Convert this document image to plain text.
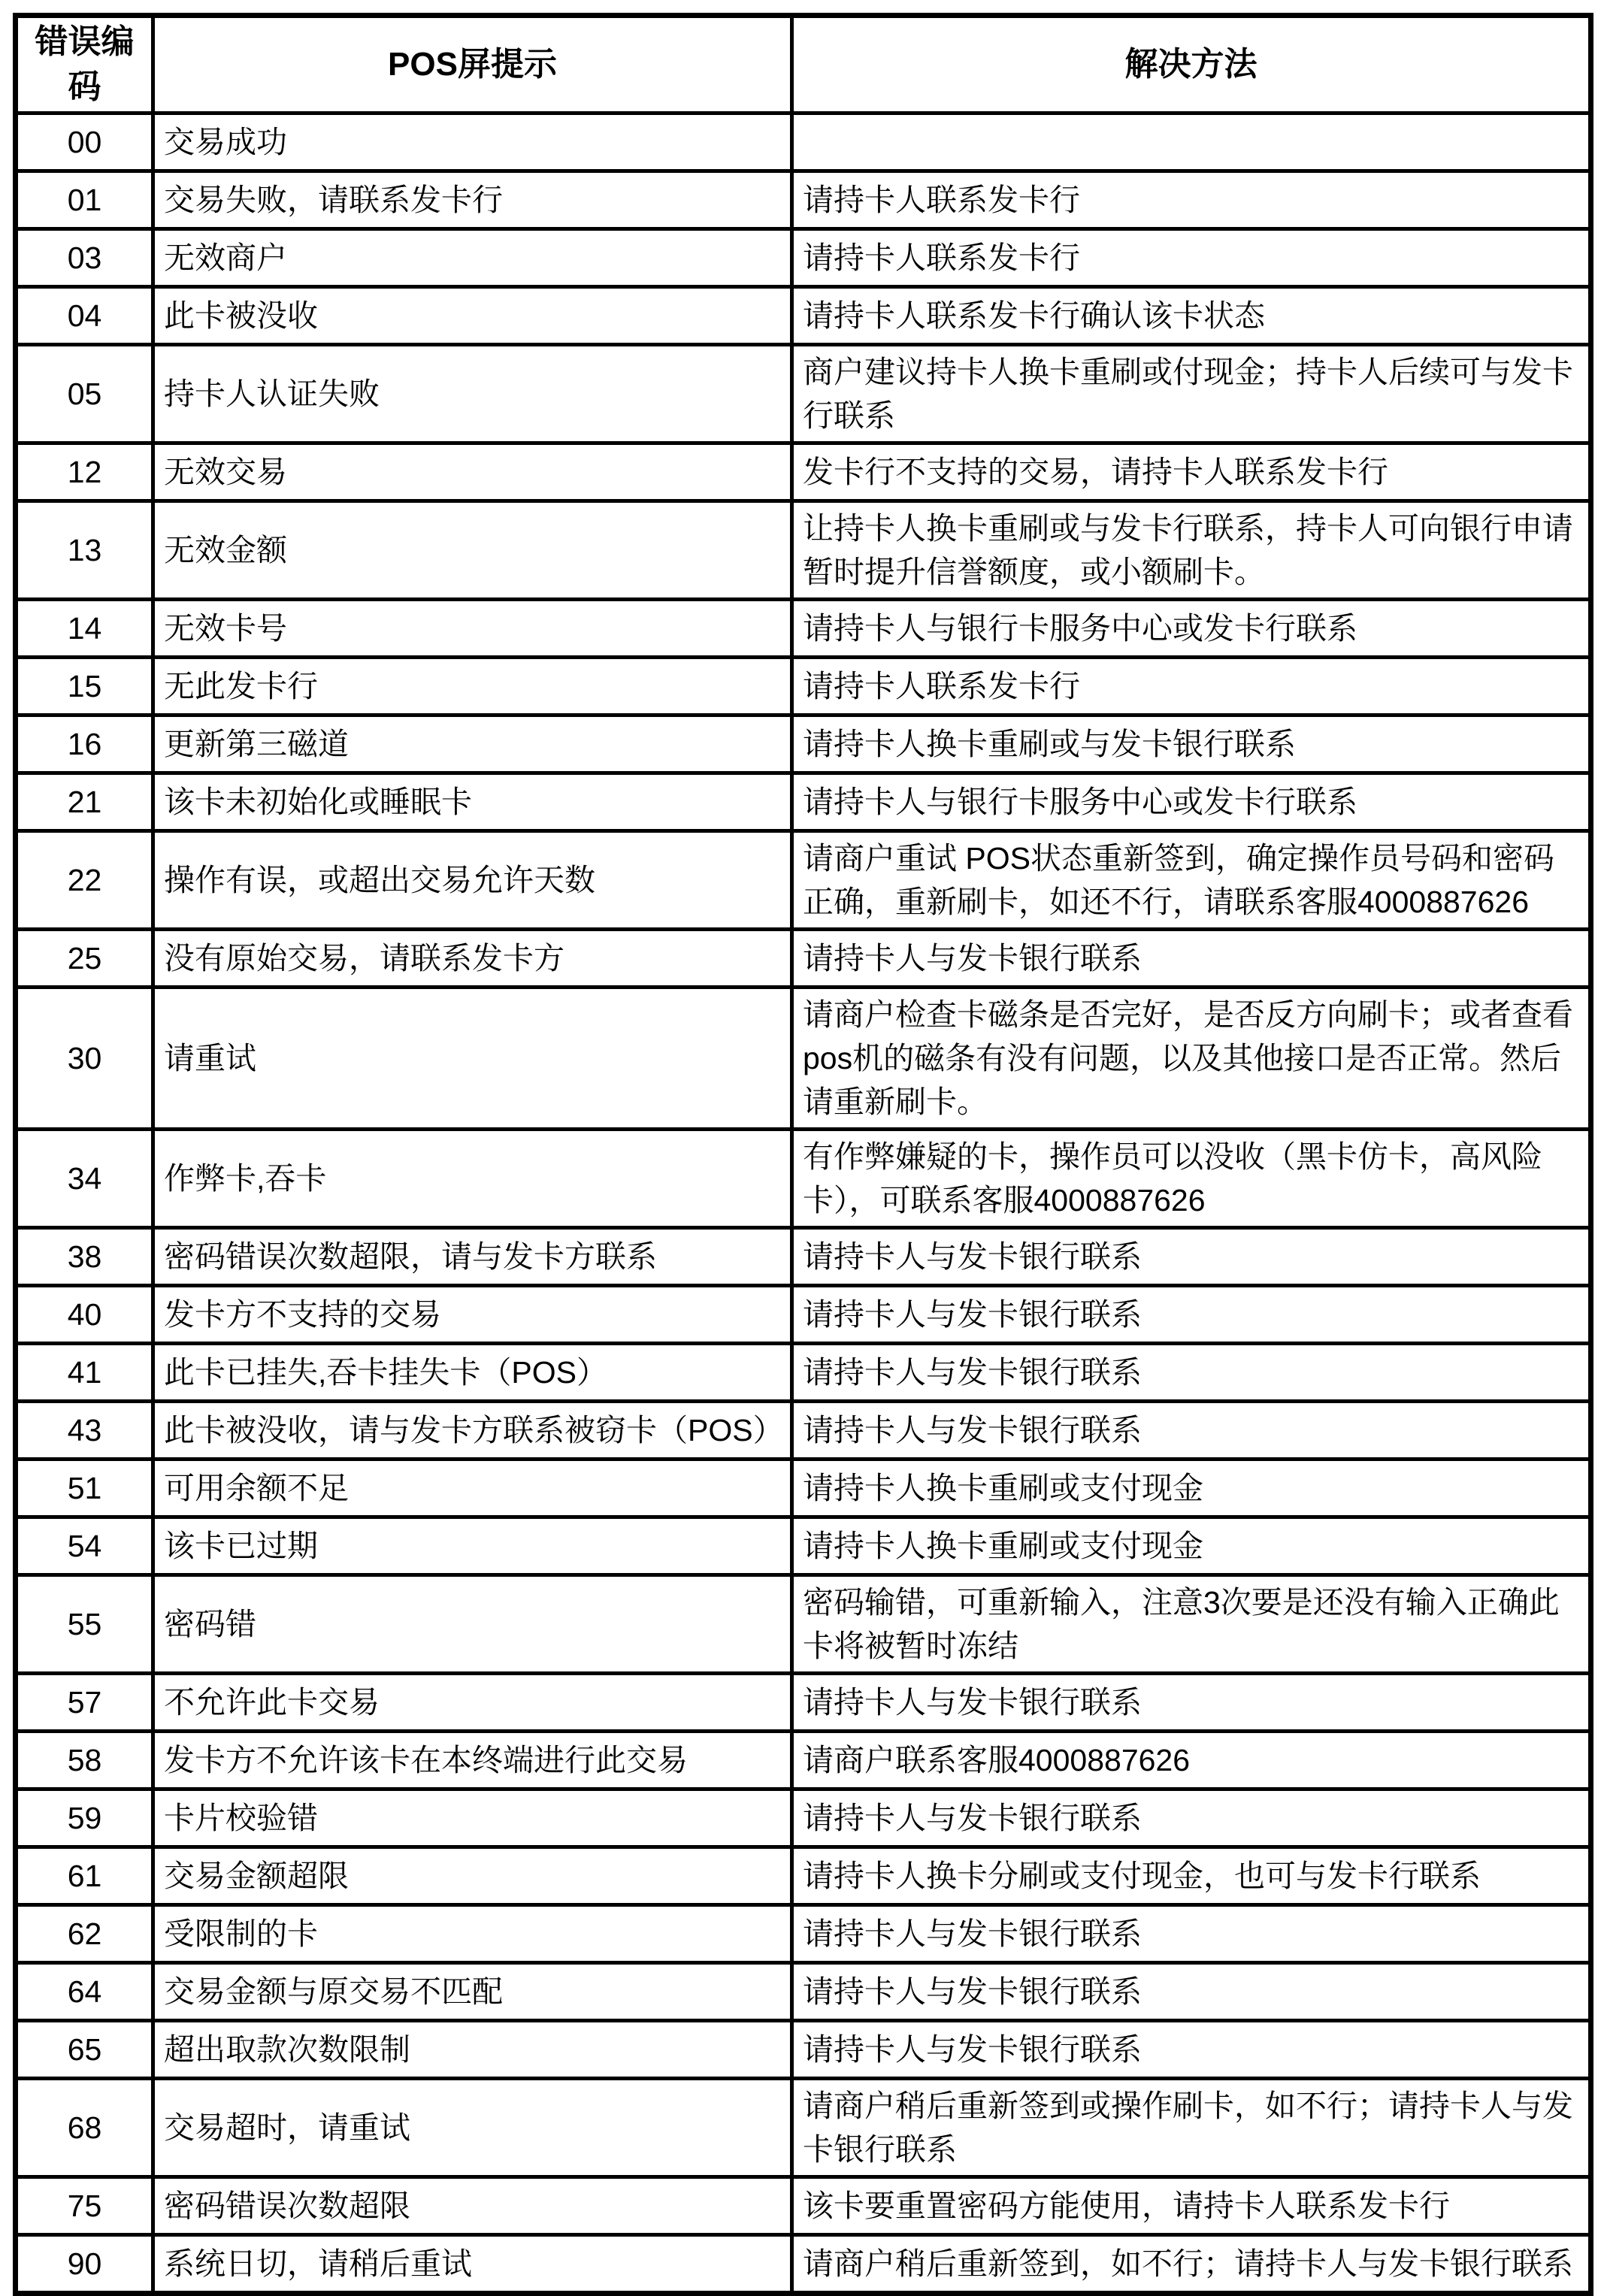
错误编码	POS屏提示	解决方法
00	交易成功	
01	交易失败，请联系发卡行	请持卡人联系发卡行
03	无效商户	请持卡人联系发卡行
04	此卡被没收	请持卡人联系发卡行确认该卡状态
05	持卡人认证失败	商户建议持卡人换卡重刷或付现金；持卡人后续可与发卡行联系
12	无效交易	发卡行不支持的交易，请持卡人联系发卡行
13	无效金额	让持卡人换卡重刷或与发卡行联系，持卡人可向银行申请暂时提升信誉额度，或小额刷卡。
14	无效卡号	请持卡人与银行卡服务中心或发卡行联系
15	无此发卡行	请持卡人联系发卡行
16	更新第三磁道	请持卡人换卡重刷或与发卡银行联系
21	该卡未初始化或睡眠卡	请持卡人与银行卡服务中心或发卡行联系
22	操作有误，或超出交易允许天数	请商户重试 POS状态重新签到，确定操作员号码和密码正确，重新刷卡，如还不行，请联系客服4000887626
25	没有原始交易，请联系发卡方	请持卡人与发卡银行联系
30	请重试	请商户检查卡磁条是否完好，是否反方向刷卡；或者查看pos机的磁条有没有问题，以及其他接口是否正常。然后请重新刷卡。
34	作弊卡,吞卡	有作弊嫌疑的卡，操作员可以没收（黑卡仿卡，高风险卡），可联系客服4000887626
38	密码错误次数超限，请与发卡方联系	请持卡人与发卡银行联系
40	发卡方不支持的交易	请持卡人与发卡银行联系
41	此卡已挂失,吞卡挂失卡（POS）	请持卡人与发卡银行联系
43	此卡被没收，请与发卡方联系被窃卡（POS）	请持卡人与发卡银行联系
51	可用余额不足	请持卡人换卡重刷或支付现金
54	该卡已过期	请持卡人换卡重刷或支付现金
55	密码错	密码输错，可重新输入，注意3次要是还没有输入正确此卡将被暂时冻结
57	不允许此卡交易	请持卡人与发卡银行联系
58	发卡方不允许该卡在本终端进行此交易	请商户联系客服4000887626
59	卡片校验错	请持卡人与发卡银行联系
61	交易金额超限	请持卡人换卡分刷或支付现金，也可与发卡行联系
62	受限制的卡	请持卡人与发卡银行联系
64	交易金额与原交易不匹配	请持卡人与发卡银行联系
65	超出取款次数限制	请持卡人与发卡银行联系
68	交易超时，请重试	请商户稍后重新签到或操作刷卡，如不行；请持卡人与发卡银行联系
75	密码错误次数超限	该卡要重置密码方能使用，请持卡人联系发卡行
90	系统日切，请稍后重试	请商户稍后重新签到，如不行；请持卡人与发卡银行联系
